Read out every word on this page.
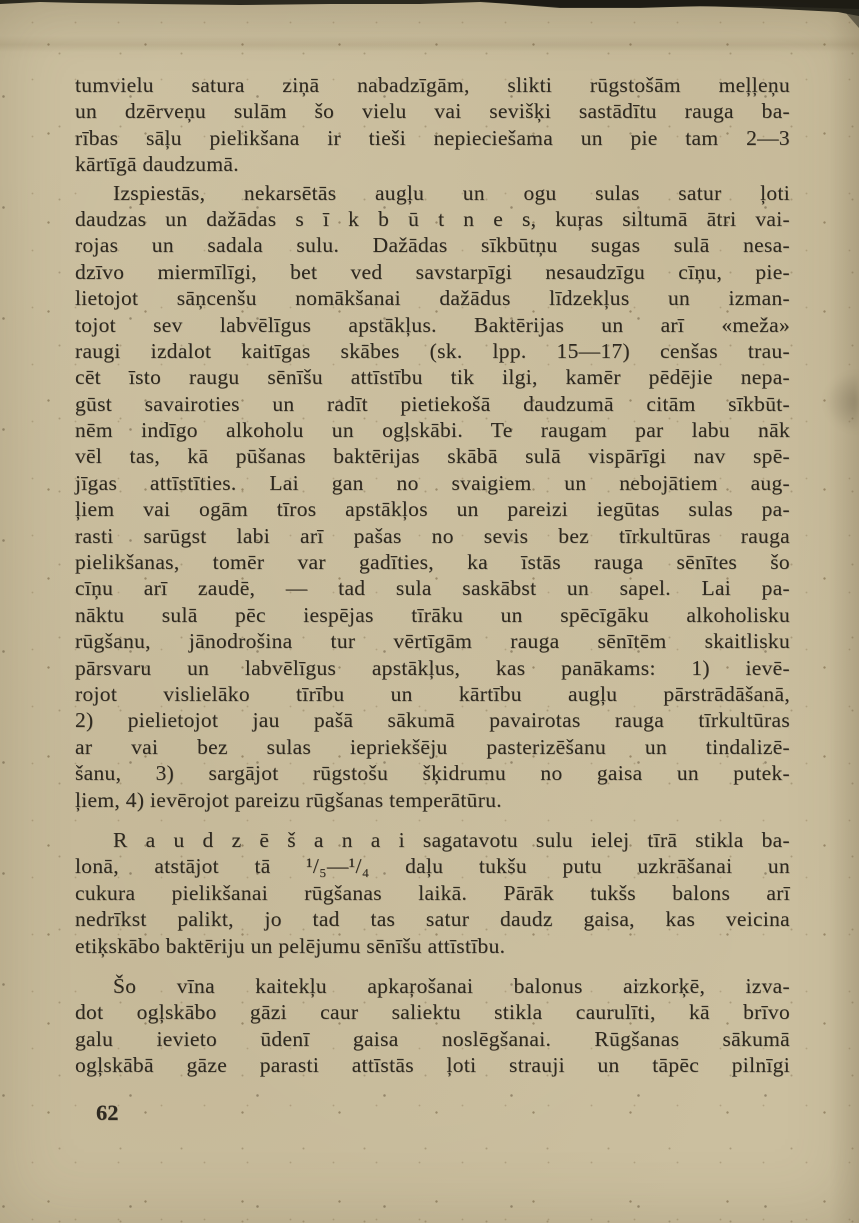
tumvielu satura ziņā nabadzīgām, slikti rūgstošām meļļeņu
un dzērveņu sulām šo vielu vai sevišķi sastādītu rauga ba-
rības sāļu pielikšana ir tieši nepieciešama un pie tam 2—3
kārtīgā daudzumā.
Izspiestās, nekarsētās augļu un ogu sulas satur ļoti
daudzas un dažādas s ī k b ū t n e s, kuŗas siltumā ātri vai-
rojas un sadala sulu. Dažādas sīkbūtņu sugas sulā nesa-
dzīvo miermīlīgi, bet ved savstarpīgi nesaudzīgu cīņu, pie-
lietojot sāņcenšu nomākšanai dažādus līdzekļus un izman-
tojot sev labvēlīgus apstākļus. Baktērijas un arī «meža»
raugi izdalot kaitīgas skābes (sk. lpp. 15—17) cenšas trau-
cēt īsto raugu sēnīšu attīstību tik ilgi, kamēr pēdējie nepa-
gūst savairoties un radīt pietiekošā daudzumā citām sīkbūt-
nēm indīgo alkoholu un ogļskābi. Te raugam par labu nāk
vēl tas, kā pūšanas baktērijas skābā sulā vispārīgi nav spē-
jīgas attīstīties. Lai gan no svaigiem un nebojātiem aug-
ļiem vai ogām tīros apstākļos un pareizi iegūtas sulas pa-
rasti sarūgst labi arī pašas no sevis bez tīrkultūras rauga
pielikšanas, tomēr var gadīties, ka īstās rauga sēnītes šo
cīņu arī zaudē, — tad sula saskābst un sapel. Lai pa-
nāktu sulā pēc iespējas tīrāku un spēcīgāku alkoholisku
rūgšanu, jānodrošina tur vērtīgām rauga sēnītēm skaitlisku
pārsvaru un labvēlīgus apstākļus, kas panākams: 1) ievē-
rojot vislielāko tīrību un kārtību augļu pārstrādāšanā,
2) pielietojot jau pašā sākumā pavairotas rauga tīrkultūras
ar vai bez sulas iepriekšēju pasterizēšanu un tindalizē-
šanu, 3) sargājot rūgstošu šķidrumu no gaisa un putek-
ļiem, 4) ievērojot pareizu rūgšanas temperātūru.
R a u d z ē š a n a i sagatavotu sulu ielej tīrā stikla ba-
lonā, atstājot tā ¹/₅—¹/₄ daļu tukšu putu uzkrāšanai un
cukura pielikšanai rūgšanas laikā. Pārāk tukšs balons arī
nedrīkst palikt, jo tad tas satur daudz gaisa, kas veicina
etiķskābo baktēriju un pelējumu sēnīšu attīstību.
Šo vīna kaitekļu apkaŗošanai balonus aizkorķē, izva-
dot ogļskābo gāzi caur saliektu stikla caurulīti, kā brīvo
galu ievieto ūdenī gaisa noslēgšanai. Rūgšanas sākumā
ogļskābā gāze parasti attīstās ļoti strauji un tāpēc pilnīgi
62
